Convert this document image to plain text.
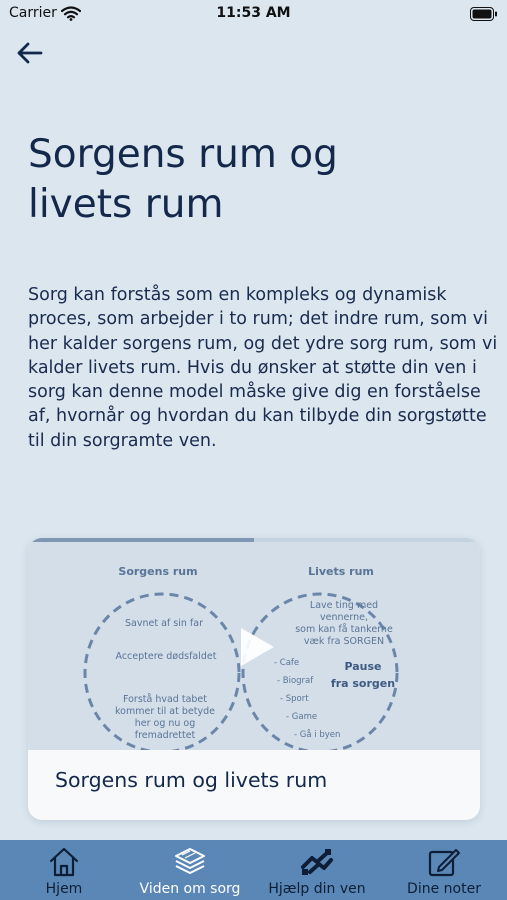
Carrier	11:53 AM
Sorgens rum og
livets rum

Sorg kan forstås som en kompleks og dynamisk proces, som arbejder i to rum; det indre rum, som vi her kalder sorgens rum, og det ydre sorg rum, som vi kalder livets rum. Hvis du ønsker at støtte din ven i sorg kan denne model måske give dig en forståelse af, hvornår og hvordan du kan tilbyde din sorgstøtte til din sorgramte ven.

Sorgens rum	Livets rum
Savnet af sin far
Acceptere dødsfaldet
Forstå hvad tabet
kommer til at betyde
her og nu og
fremadrettet
Lave ting med
vennerne,
som kan få tankerne
væk fra SORGEN
- Cafe
- Biograf
- Sport
- Game
- Gå i byen
Pause
fra sorgen
Sorgens rum og livets rum
Hjem	Viden om sorg	Hjælp din ven	Dine noter
